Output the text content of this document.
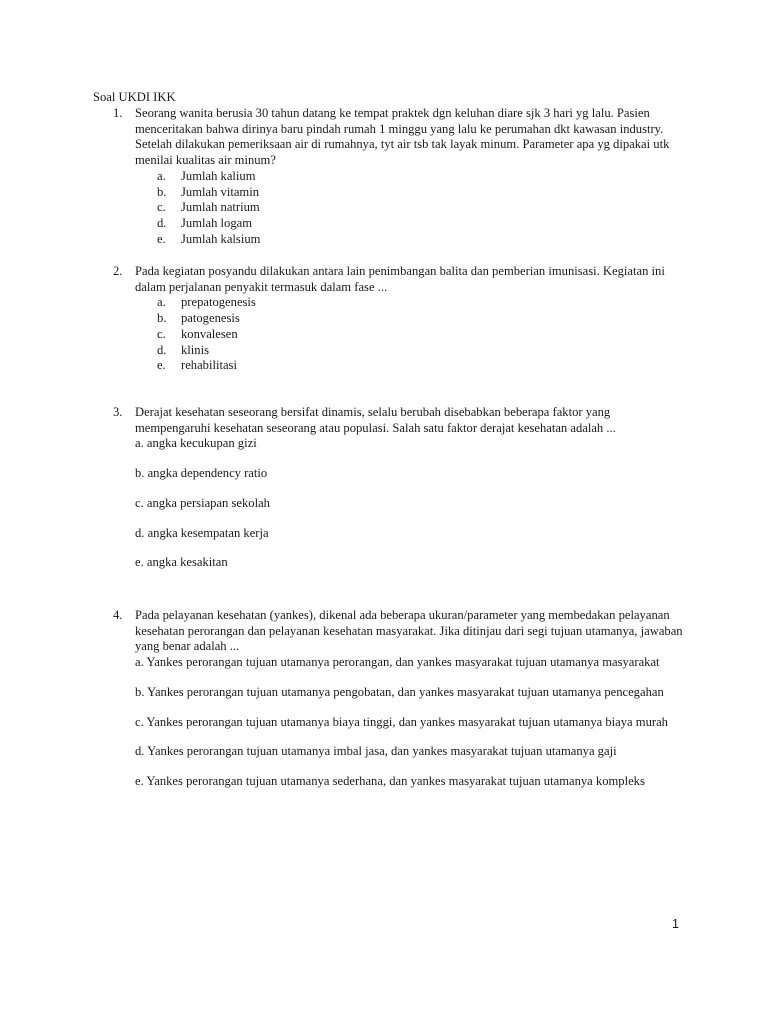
Soal UKDI IKK
1. Seorang wanita berusia 30 tahun datang ke tempat praktek dgn keluhan diare sjk 3 hari yg lalu. Pasien menceritakan bahwa dirinya baru pindah rumah 1 minggu yang lalu ke perumahan dkt kawasan industry. Setelah dilakukan pemeriksaan air di rumahnya, tyt air tsb tak layak minum. Parameter apa yg dipakai utk menilai kualitas air minum?
a. Jumlah kalium
b. Jumlah vitamin
c. Jumlah natrium
d. Jumlah logam
e. Jumlah kalsium
2. Pada kegiatan posyandu dilakukan antara lain penimbangan balita dan pemberian imunisasi. Kegiatan ini dalam perjalanan penyakit termasuk dalam fase ...
a. prepatogenesis
b. patogenesis
c. konvalesen
d. klinis
e. rehabilitasi
3. Derajat kesehatan seseorang bersifat dinamis, selalu berubah disebabkan beberapa faktor yang mempengaruhi kesehatan seseorang atau populasi. Salah satu faktor derajat kesehatan adalah ...

a. angka kecukupan gizi

b. angka dependency ratio

c. angka persiapan sekolah

d. angka kesempatan kerja

e. angka kesakitan

4. Pada pelayanan kesehatan (yankes), dikenal ada beberapa ukuran/parameter yang membedakan pelayanan kesehatan perorangan dan pelayanan kesehatan masyarakat. Jika ditinjau dari segi tujuan utamanya, jawaban yang benar adalah ...

a. Yankes perorangan tujuan utamanya perorangan, dan yankes masyarakat tujuan utamanya masyarakat

b. Yankes perorangan tujuan utamanya pengobatan, dan yankes masyarakat tujuan utamanya pencegahan

c. Yankes perorangan tujuan utamanya biaya tinggi, dan yankes masyarakat tujuan utamanya biaya murah

d. Yankes perorangan tujuan utamanya imbal jasa, dan yankes masyarakat tujuan utamanya gaji

e. Yankes perorangan tujuan utamanya sederhana, dan yankes masyarakat tujuan utamanya kompleks

1
